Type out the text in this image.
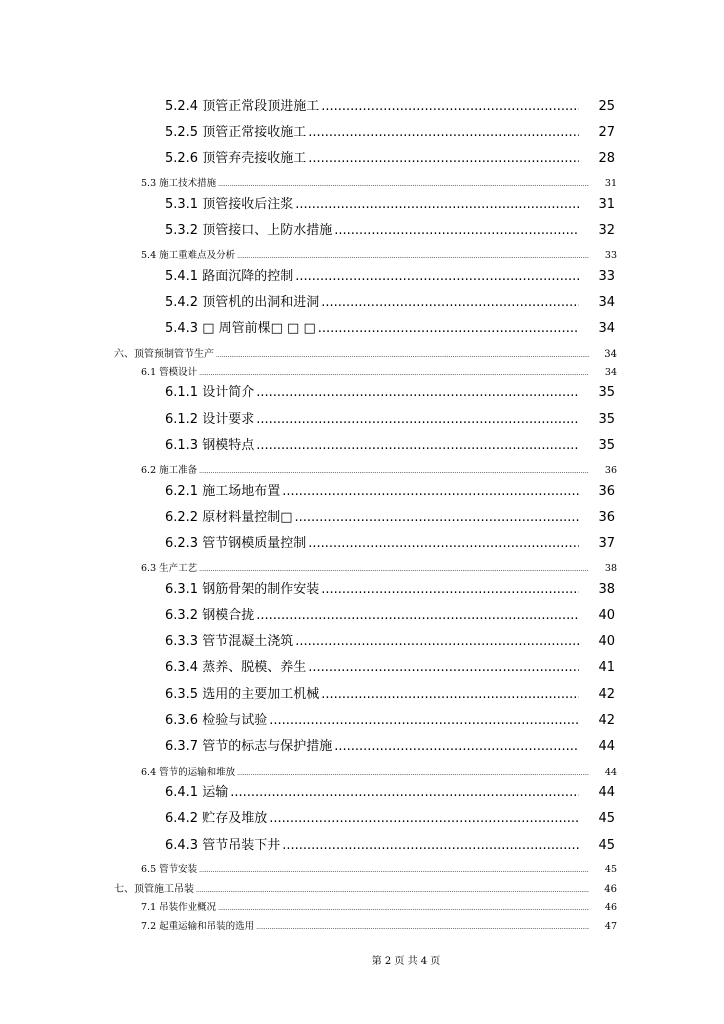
5.2.4 顶管正常段顶进施工 .....	25
5.2.5 顶管正常接收施工 .....	27
5.2.6 顶管弃壳接收施工 .....	28
5.3 施工技术措施 .....	31
5.3.1 顶管接收后注浆 .....	31
5.3.2 顶管接口、上防水措施 .....	32
5.4 施工重难点及分析 .....	33
5.4.1 路面沉降的控制 .....	33
5.4.2 顶管机的出洞和进洞 .....	34
5.4.3 □ 周管前棵□ □ □ .....	34
六、顶管预制管节生产 .....	34
6.1 管模设计 .....	34
6.1.1 设计简介 .....	35
6.1.2 设计要求 .....	35
6.1.3 钢模特点 .....	35
6.2 施工准备 .....	36
6.2.1 施工场地布置 .....	36
6.2.2 原材料量控制□ .....	36
6.2.3 管节钢模质量控制 .....	37
6.3 生产工艺 .....	38
6.3.1 钢筋骨架的制作安装 .....	38
6.3.2 钢模合拢 .....	40
6.3.3 管节混凝土浇筑 .....	40
6.3.4 蒸养、脱模、养生 .....	41
6.3.5 选用的主要加工机械 .....	42
6.3.6 检验与试验 .....	42
6.3.7 管节的标志与保护措施 .....	44
6.4 管节的运输和堆放 .....	44
6.4.1 运输 .....	44
6.4.2 贮存及堆放 .....	45
6.4.3 管节吊装下井 .....	45
6.5 管节安装 .....	45
七、顶管施工吊装 .....	46
7.1 吊装作业概况 .....	46
7.2 起重运输和吊装的选用 .....	47
第 2 页 共 4 页
